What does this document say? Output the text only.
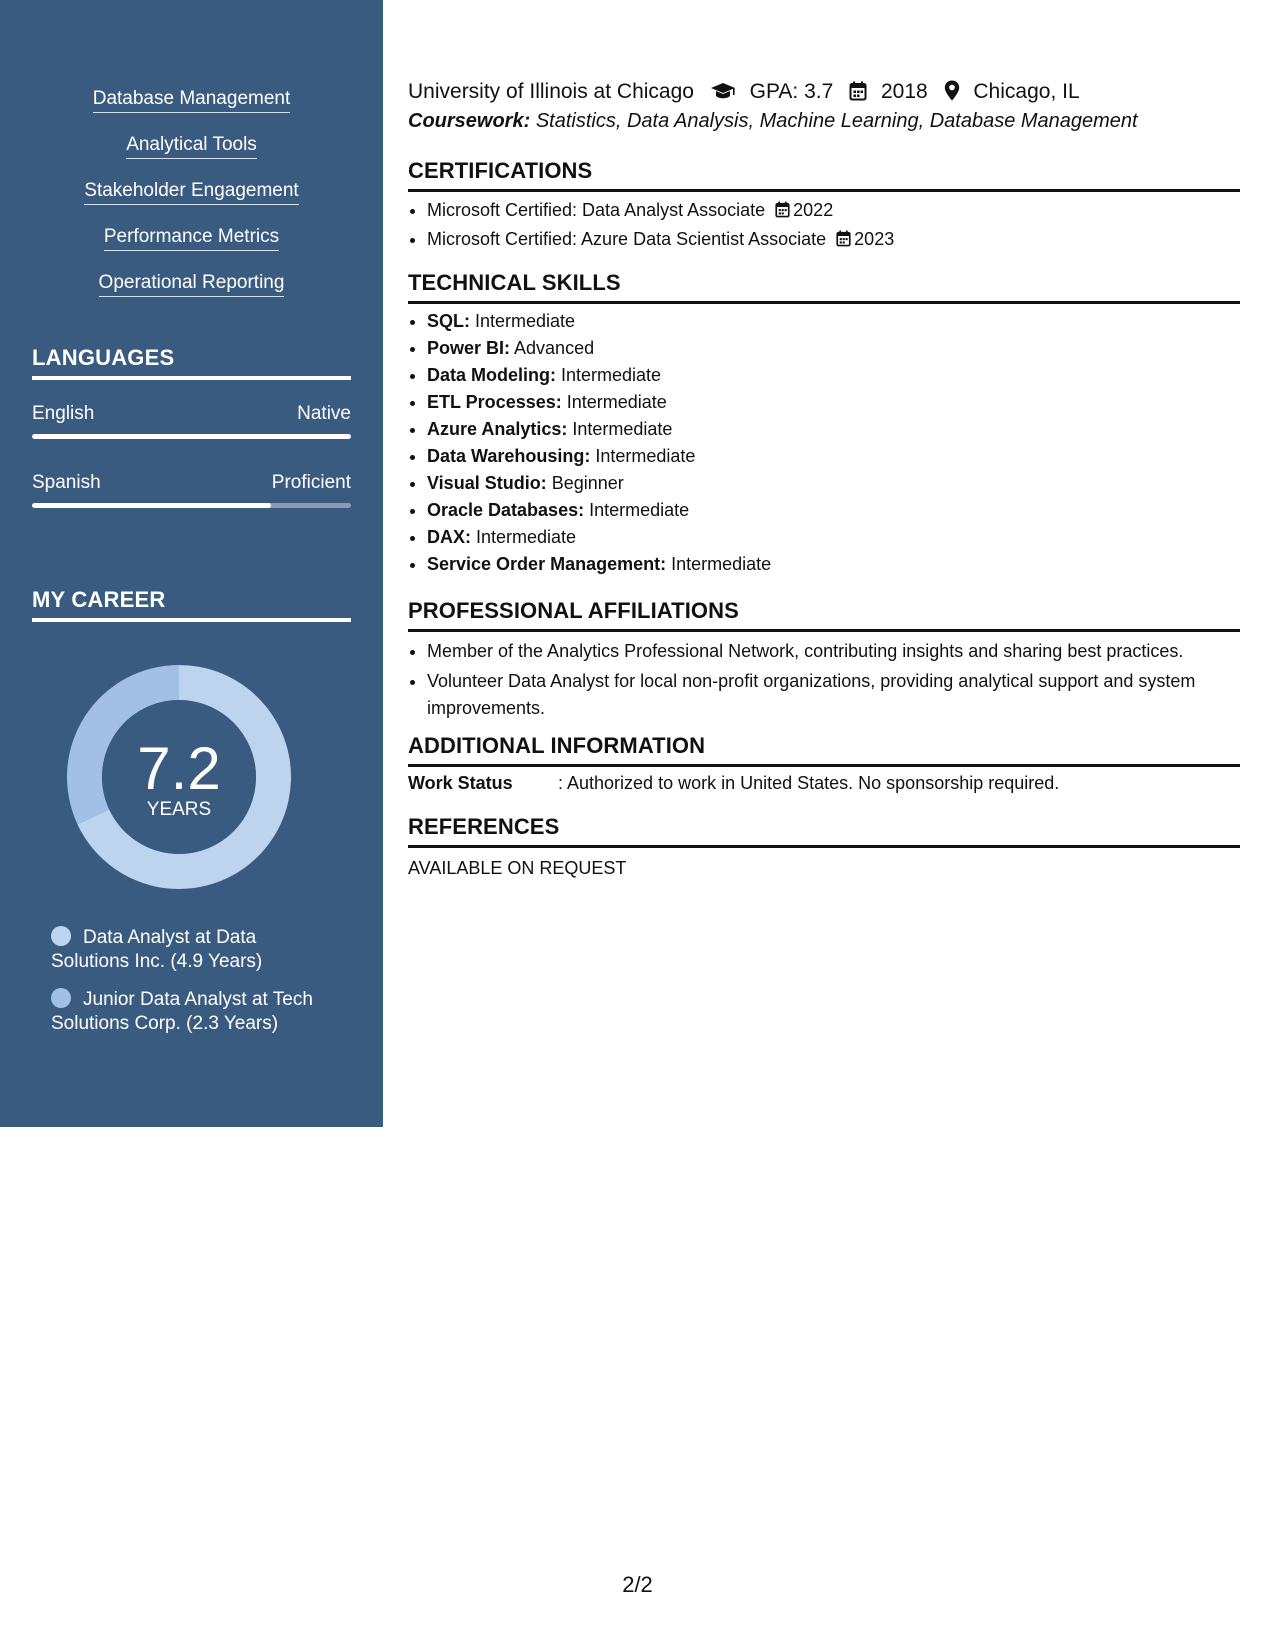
Database Management
Analytical Tools
Stakeholder Engagement
Performance Metrics
Operational Reporting
LANGUAGES
English	Native
Spanish	Proficient
MY CAREER
7.2
YEARS
Data Analyst at Data Solutions Inc. (4.9 Years)
Junior Data Analyst at Tech Solutions Corp. (2.3 Years)
University of Illinois at Chicago	GPA: 3.7 2018 Chicago, IL
Coursework: Statistics, Data Analysis, Machine Learning, Database Management
CERTIFICATIONS
• Microsoft Certified: Data Analyst Associate 2022
• Microsoft Certified: Azure Data Scientist Associate 2023
TECHNICAL SKILLS
• SQL: Intermediate
• Power BI: Advanced
• Data Modeling: Intermediate
• ETL Processes: Intermediate
• Azure Analytics: Intermediate
• Data Warehousing: Intermediate
• Visual Studio: Beginner
• Oracle Databases: Intermediate
• DAX: Intermediate
• Service Order Management: Intermediate
PROFESSIONAL AFFILIATIONS
• Member of the Analytics Professional Network, contributing insights and sharing best practices.
• Volunteer Data Analyst for local non-profit organizations, providing analytical support and system improvements.
ADDITIONAL INFORMATION
Work Status	: Authorized to work in United States. No sponsorship required.
REFERENCES
AVAILABLE ON REQUEST
2/2
